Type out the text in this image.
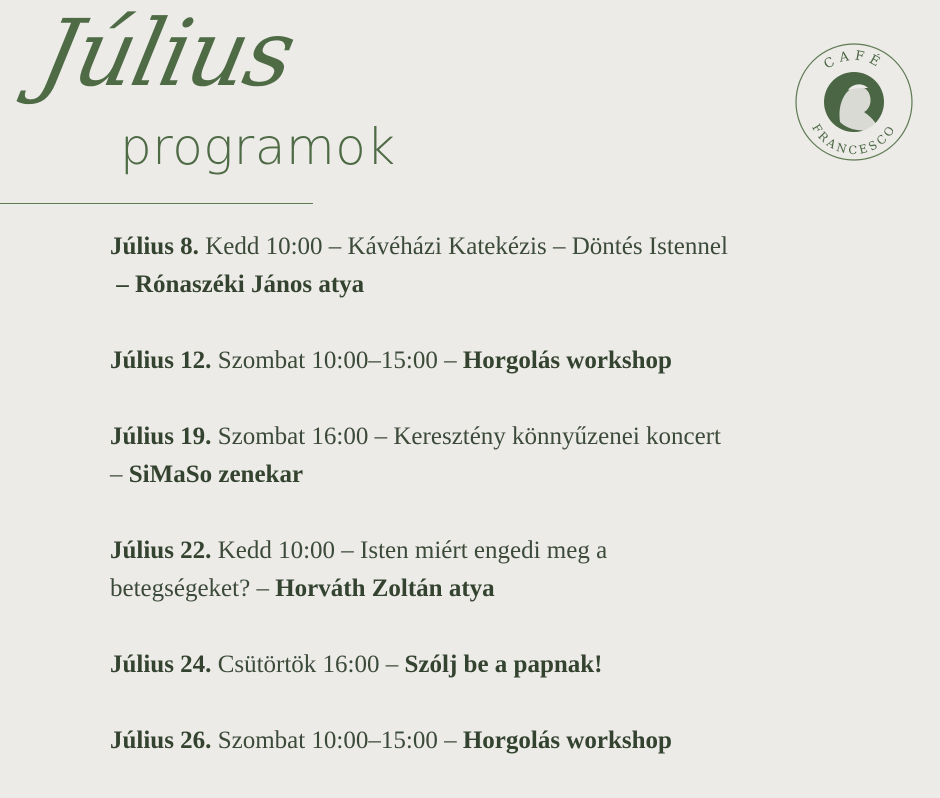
Július
programok
CAFÉ
FRANCESCO
Július 8. Kedd 10:00 – Kávéházi Katekézis – Döntés Istennel
– Rónaszéki János atya
Július 12. Szombat 10:00–15:00 – Horgolás workshop
Július 19. Szombat 16:00 – Keresztény könnyűzenei koncert
– SiMaSo zenekar
Július 22. Kedd 10:00 – Isten miért engedi meg a
betegségeket? – Horváth Zoltán atya
Július 24. Csütörtök 16:00 – Szólj be a papnak!
Július 26. Szombat 10:00–15:00 – Horgolás workshop
